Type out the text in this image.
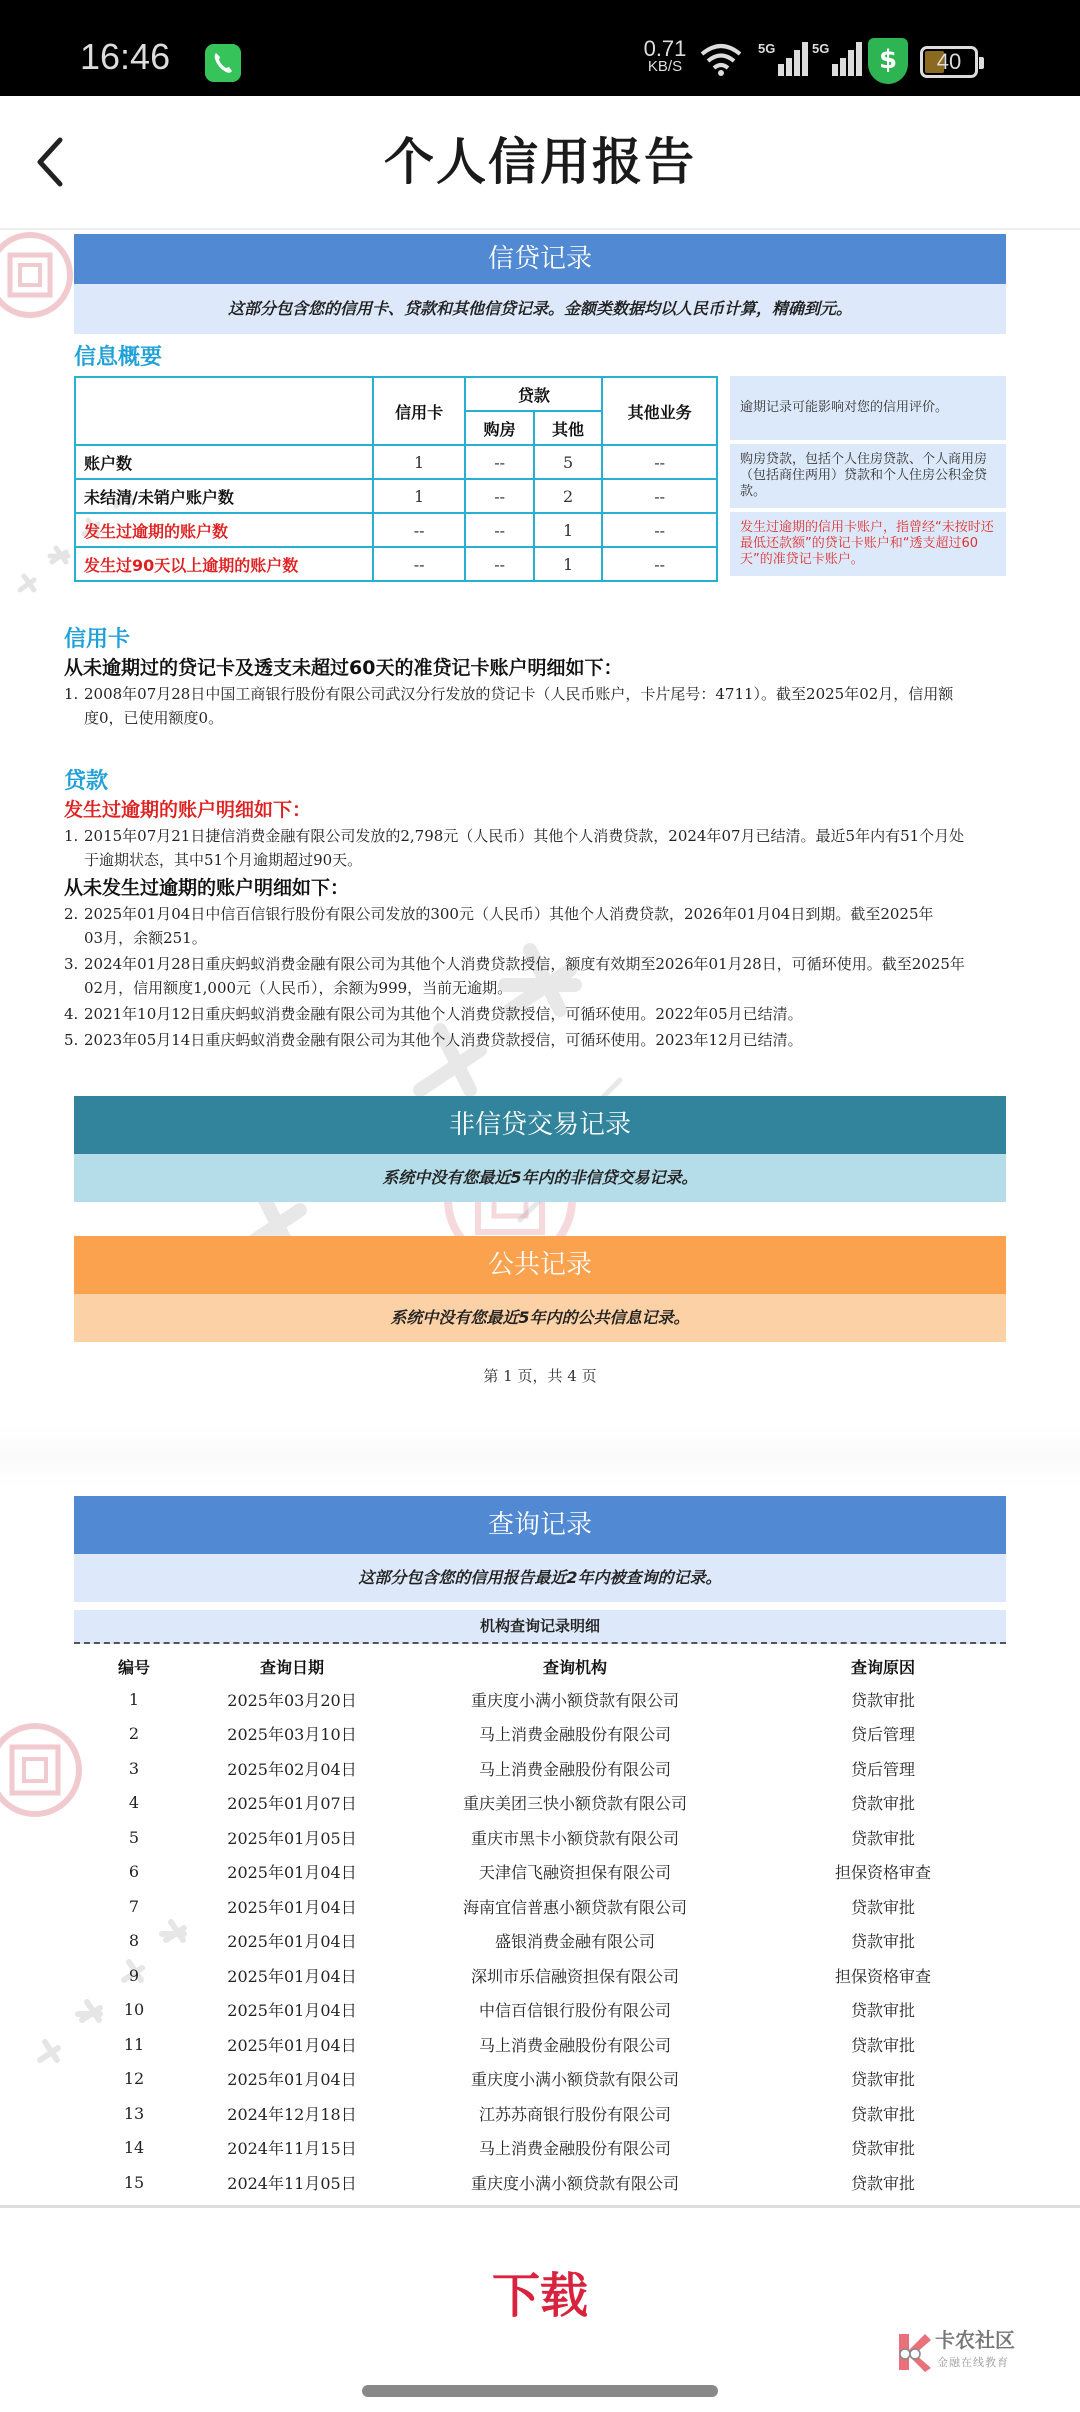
16:46	0.71
KB/S
5G	5G	$	40
个人信用报告
信贷记录
这部分包含您的信用卡、贷款和其他信贷记录。金额类数据均以人民币计算，精确到元。
信息概要
	信用卡	贷款		其他业务
		购房	其他	
账户数	1	--	5	--
未结清/未销户账户数	1	--	2	--
发生过逾期的账户数	--	--	1	--
发生过90天以上逾期的账户数	--	--	1	--
逾期记录可能影响对您的信用评价。
购房贷款，包括个人住房贷款、个人商用房（包括商住两用）贷款和个人住房公积金贷款。
发生过逾期的信用卡账户，指曾经“未按时还最低还款额”的贷记卡账户和“透支超过60天”的准贷记卡账户。
信用卡
从未逾期过的贷记卡及透支未超过60天的准贷记卡账户明细如下：
1. 2008年07月28日中国工商银行股份有限公司武汉分行发放的贷记卡（人民币账户，卡片尾号：4711）。截至2025年02月，信用额
度0，已使用额度0。
贷款
发生过逾期的账户明细如下：
1. 2015年07月21日捷信消费金融有限公司发放的2,798元（人民币）其他个人消费贷款，2024年07月已结清。最近5年内有51个月处
于逾期状态，其中51个月逾期超过90天。
从未发生过逾期的账户明细如下：
2. 2025年01月04日中信百信银行股份有限公司发放的300元（人民币）其他个人消费贷款，2026年01月04日到期。截至2025年
03月，余额251。
3. 2024年01月28日重庆蚂蚁消费金融有限公司为其他个人消费贷款授信，额度有效期至2026年01月28日，可循环使用。截至2025年
02月，信用额度1,000元（人民币），余额为999，当前无逾期。
4. 2021年10月12日重庆蚂蚁消费金融有限公司为其他个人消费贷款授信，可循环使用。2022年05月已结清。
5. 2023年05月14日重庆蚂蚁消费金融有限公司为其他个人消费贷款授信，可循环使用。2023年12月已结清。
非信贷交易记录
系统中没有您最近5年内的非信贷交易记录。
公共记录
系统中没有您最近5年内的公共信息记录。
第 1 页，共 4 页
查询记录
这部分包含您的信用报告最近2年内被查询的记录。
机构查询记录明细
编号	查询日期	查询机构	查询原因
1	2025年03月20日	重庆度小满小额贷款有限公司	贷款审批
2	2025年03月10日	马上消费金融股份有限公司	贷后管理
3	2025年02月04日	马上消费金融股份有限公司	贷后管理
4	2025年01月07日	重庆美团三快小额贷款有限公司	贷款审批
5	2025年01月05日	重庆市黑卡小额贷款有限公司	贷款审批
6	2025年01月04日	天津信飞融资担保有限公司	担保资格审查
7	2025年01月04日	海南宜信普惠小额贷款有限公司	贷款审批
8	2025年01月04日	盛银消费金融有限公司	贷款审批
9	2025年01月04日	深圳市乐信融资担保有限公司	担保资格审查
10	2025年01月04日	中信百信银行股份有限公司	贷款审批
11	2025年01月04日	马上消费金融股份有限公司	贷款审批
12	2025年01月04日	重庆度小满小额贷款有限公司	贷款审批
13	2024年12月18日	江苏苏商银行股份有限公司	贷款审批
14	2024年11月15日	马上消费金融股份有限公司	贷款审批
15	2024年11月05日	重庆度小满小额贷款有限公司	贷款审批
下载
卡农社区
金融在线教育
